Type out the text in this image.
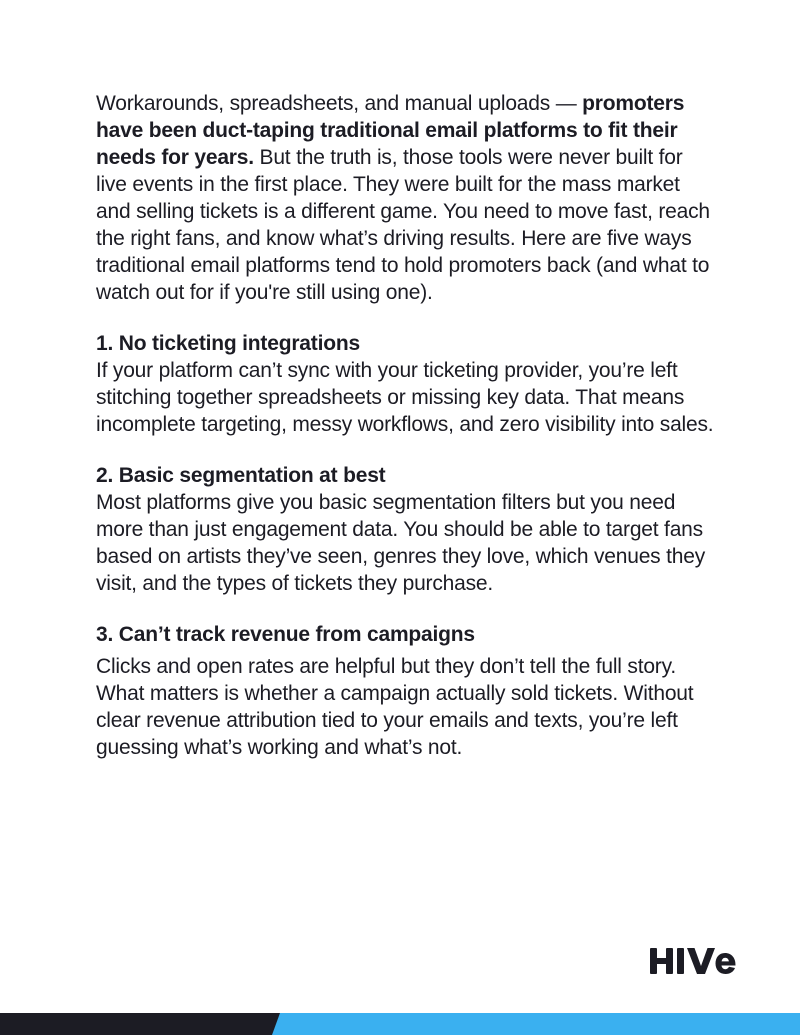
Workarounds, spreadsheets, and manual uploads — promoters have been duct-taping traditional email platforms to fit their needs for years. But the truth is, those tools were never built for live events in the first place. They were built for the mass market and selling tickets is a different game. You need to move fast, reach the right fans, and know what’s driving results. Here are five ways traditional email platforms tend to hold promoters back (and what to watch out for if you're still using one).

1. No ticketing integrations

If your platform can’t sync with your ticketing provider, you’re left stitching together spreadsheets or missing key data. That means incomplete targeting, messy workflows, and zero visibility into sales.

2. Basic segmentation at best

Most platforms give you basic segmentation filters but you need more than just engagement data. You should be able to target fans based on artists they’ve seen, genres they love, which venues they visit, and the types of tickets they purchase.

3. Can’t track revenue from campaigns

Clicks and open rates are helpful but they don’t tell the full story. What matters is whether a campaign actually sold tickets. Without clear revenue attribution tied to your emails and texts, you’re left guessing what’s working and what’s not.
